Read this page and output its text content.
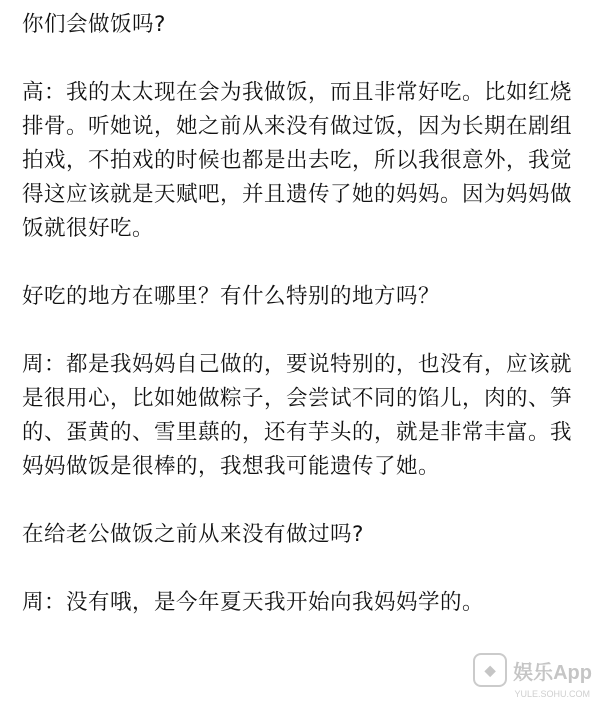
你们会做饭吗?

高：我的太太现在会为我做饭，而且非常好吃。比如红烧排骨。听她说，她之前从来没有做过饭，因为长期在剧组拍戏，不拍戏的时候也都是出去吃，所以我很意外，我觉得这应该就是天赋吧，并且遗传了她的妈妈。因为妈妈做饭就很好吃。

好吃的地方在哪里？有什么特别的地方吗？

周：都是我妈妈自己做的，要说特别的，也没有，应该就是很用心，比如她做粽子，会尝试不同的馅儿，肉的、笋的、蛋黄的、雪里蕻的，还有芋头的，就是非常丰富。我妈妈做饭是很棒的，我想我可能遗传了她。

在给老公做饭之前从来没有做过吗?

周：没有哦，是今年夏天我开始向我妈妈学的。

◆ 娱乐App
YULE.SOHU.COM
